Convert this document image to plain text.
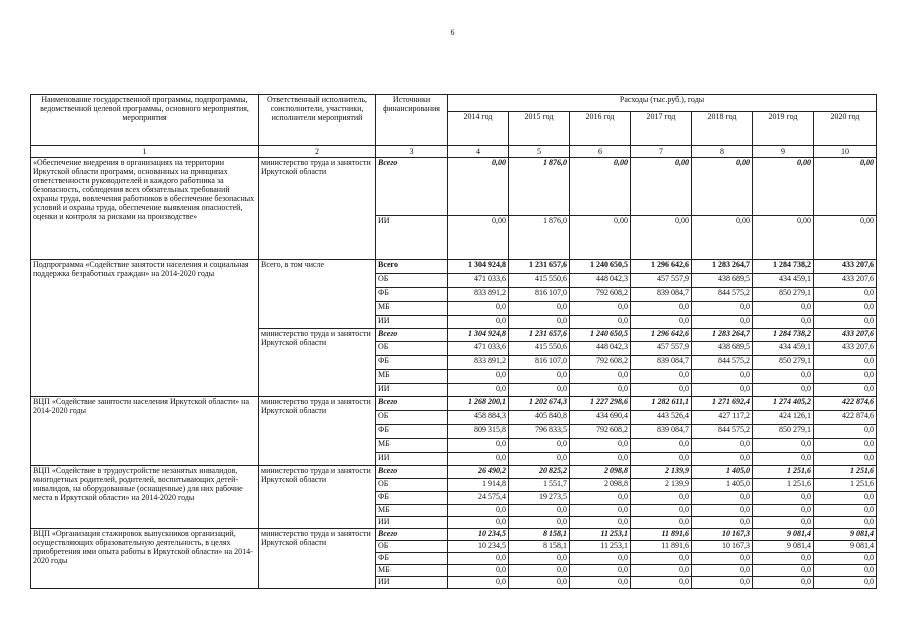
6
Наименование государственной программы, подпрограммы, ведомственной целевой программы, основного мероприятия, мероприятия	Ответственный исполнитель, соисполнители, участники, исполнители мероприятий	Источники финансирования	Расходы (тыс.руб.), годы						
			2014 год	2015 год	2016 год	2017 год	2018 год	2019 год	2020 год
1	2	3	4	5	6	7	8	9	10
«Обеспечение внедрения в организациях на территории Иркутской области программ, основанных на принципах ответственности руководителей и каждого работника за безопасность, соблюдения всех обязательных требований охраны труда, вовлечения работников в обеспечение безопасных условий и охраны труда, обеспечение выявления опасностей, оценки и контроля за рисками на производстве»	министерство труда и занятости Иркутской области	Всего	0,00	1 876,0	0,00	0,00	0,00	0,00	0,00
		ИИ	0,00	1 876,0	0,00	0,00	0,00	0,00	0,00
Подпрограмма «Содействие занятости населения и социальная поддержка безработных граждан» на 2014-2020 годы	Всего, в том числе	Всего	1 304 924,8	1 231 657,6	1 240 650,5	1 296 642,6	1 283 264,7	1 284 738,2	433 207,6
		ОБ	471 033,6	415 550,6	448 042,3	457 557,9	438 689,5	434 459,1	433 207,6
		ФБ	833 891,2	816 107,0	792 608,2	839 084,7	844 575,2	850 279,1	0,0
		МБ	0,0	0,0	0,0	0,0	0,0	0,0	0,0
		ИИ	0,0	0,0	0,0	0,0	0,0	0,0	0,0
	министерство труда и занятости Иркутской области	Всего	1 304 924,8	1 231 657,6	1 240 650,5	1 296 642,6	1 283 264,7	1 284 738,2	433 207,6
		ОБ	471 033,6	415 550,6	448 042,3	457 557,9	438 689,5	434 459,1	433 207,6
		ФБ	833 891,2	816 107,0	792 608,2	839 084,7	844 575,2	850 279,1	0,0
		МБ	0,0	0,0	0,0	0,0	0,0	0,0	0,0
		ИИ	0,0	0,0	0,0	0,0	0,0	0,0	0,0
ВЦП «Содействие занятости населения Иркутской области» на 2014-2020 годы	министерство труда и занятости Иркутской области	Всего	1 268 200,1	1 202 674,3	1 227 298,6	1 282 611,1	1 271 692,4	1 274 405,2	422 874,6
		ОБ	458 884,3	405 840,8	434 690,4	443 526,4	427 117,2	424 126,1	422 874,6
		ФБ	809 315,8	796 833,5	792 608,2	839 084,7	844 575,2	850 279,1	0,0
		МБ	0,0	0,0	0,0	0,0	0,0	0,0	0,0
		ИИ	0,0	0,0	0,0	0,0	0,0	0,0	0,0
ВЦП «Содействие в трудоустройстве незанятых инвалидов, многодетных родителей, родителей, воспитывающих детей-инвалидов, на оборудованные (оснащенные) для них рабочие места в Иркутской области» на 2014-2020 годы	министерство труда и занятости Иркутской области	Всего	26 490,2	20 825,2	2 098,8	2 139,9	1 405,0	1 251,6	1 251,6
		ОБ	1 914,8	1 551,7	2 098,8	2 139,9	1 405,0	1 251,6	1 251,6
		ФБ	24 575,4	19 273,5	0,0	0,0	0,0	0,0	0,0
		МБ	0,0	0,0	0,0	0,0	0,0	0,0	0,0
		ИИ	0,0	0,0	0,0	0,0	0,0	0,0	0,0
ВЦП «Организация стажировок выпускников организаций, осуществляющих образовательную деятельность, в целях приобретения ими опыта работы в Иркутской области» на 2014-2020 годы	министерство труда и занятости Иркутской области	Всего	10 234,5	8 158,1	11 253,1	11 891,6	10 167,3	9 081,4	9 081,4
		ОБ	10 234,5	8 158,1	11 253,1	11 891,6	10 167,3	9 081,4	9 081,4
		ФБ	0,0	0,0	0,0	0,0	0,0	0,0	0,0
		МБ	0,0	0,0	0,0	0,0	0,0	0,0	0,0
		ИИ	0,0	0,0	0,0	0,0	0,0	0,0	0,0
